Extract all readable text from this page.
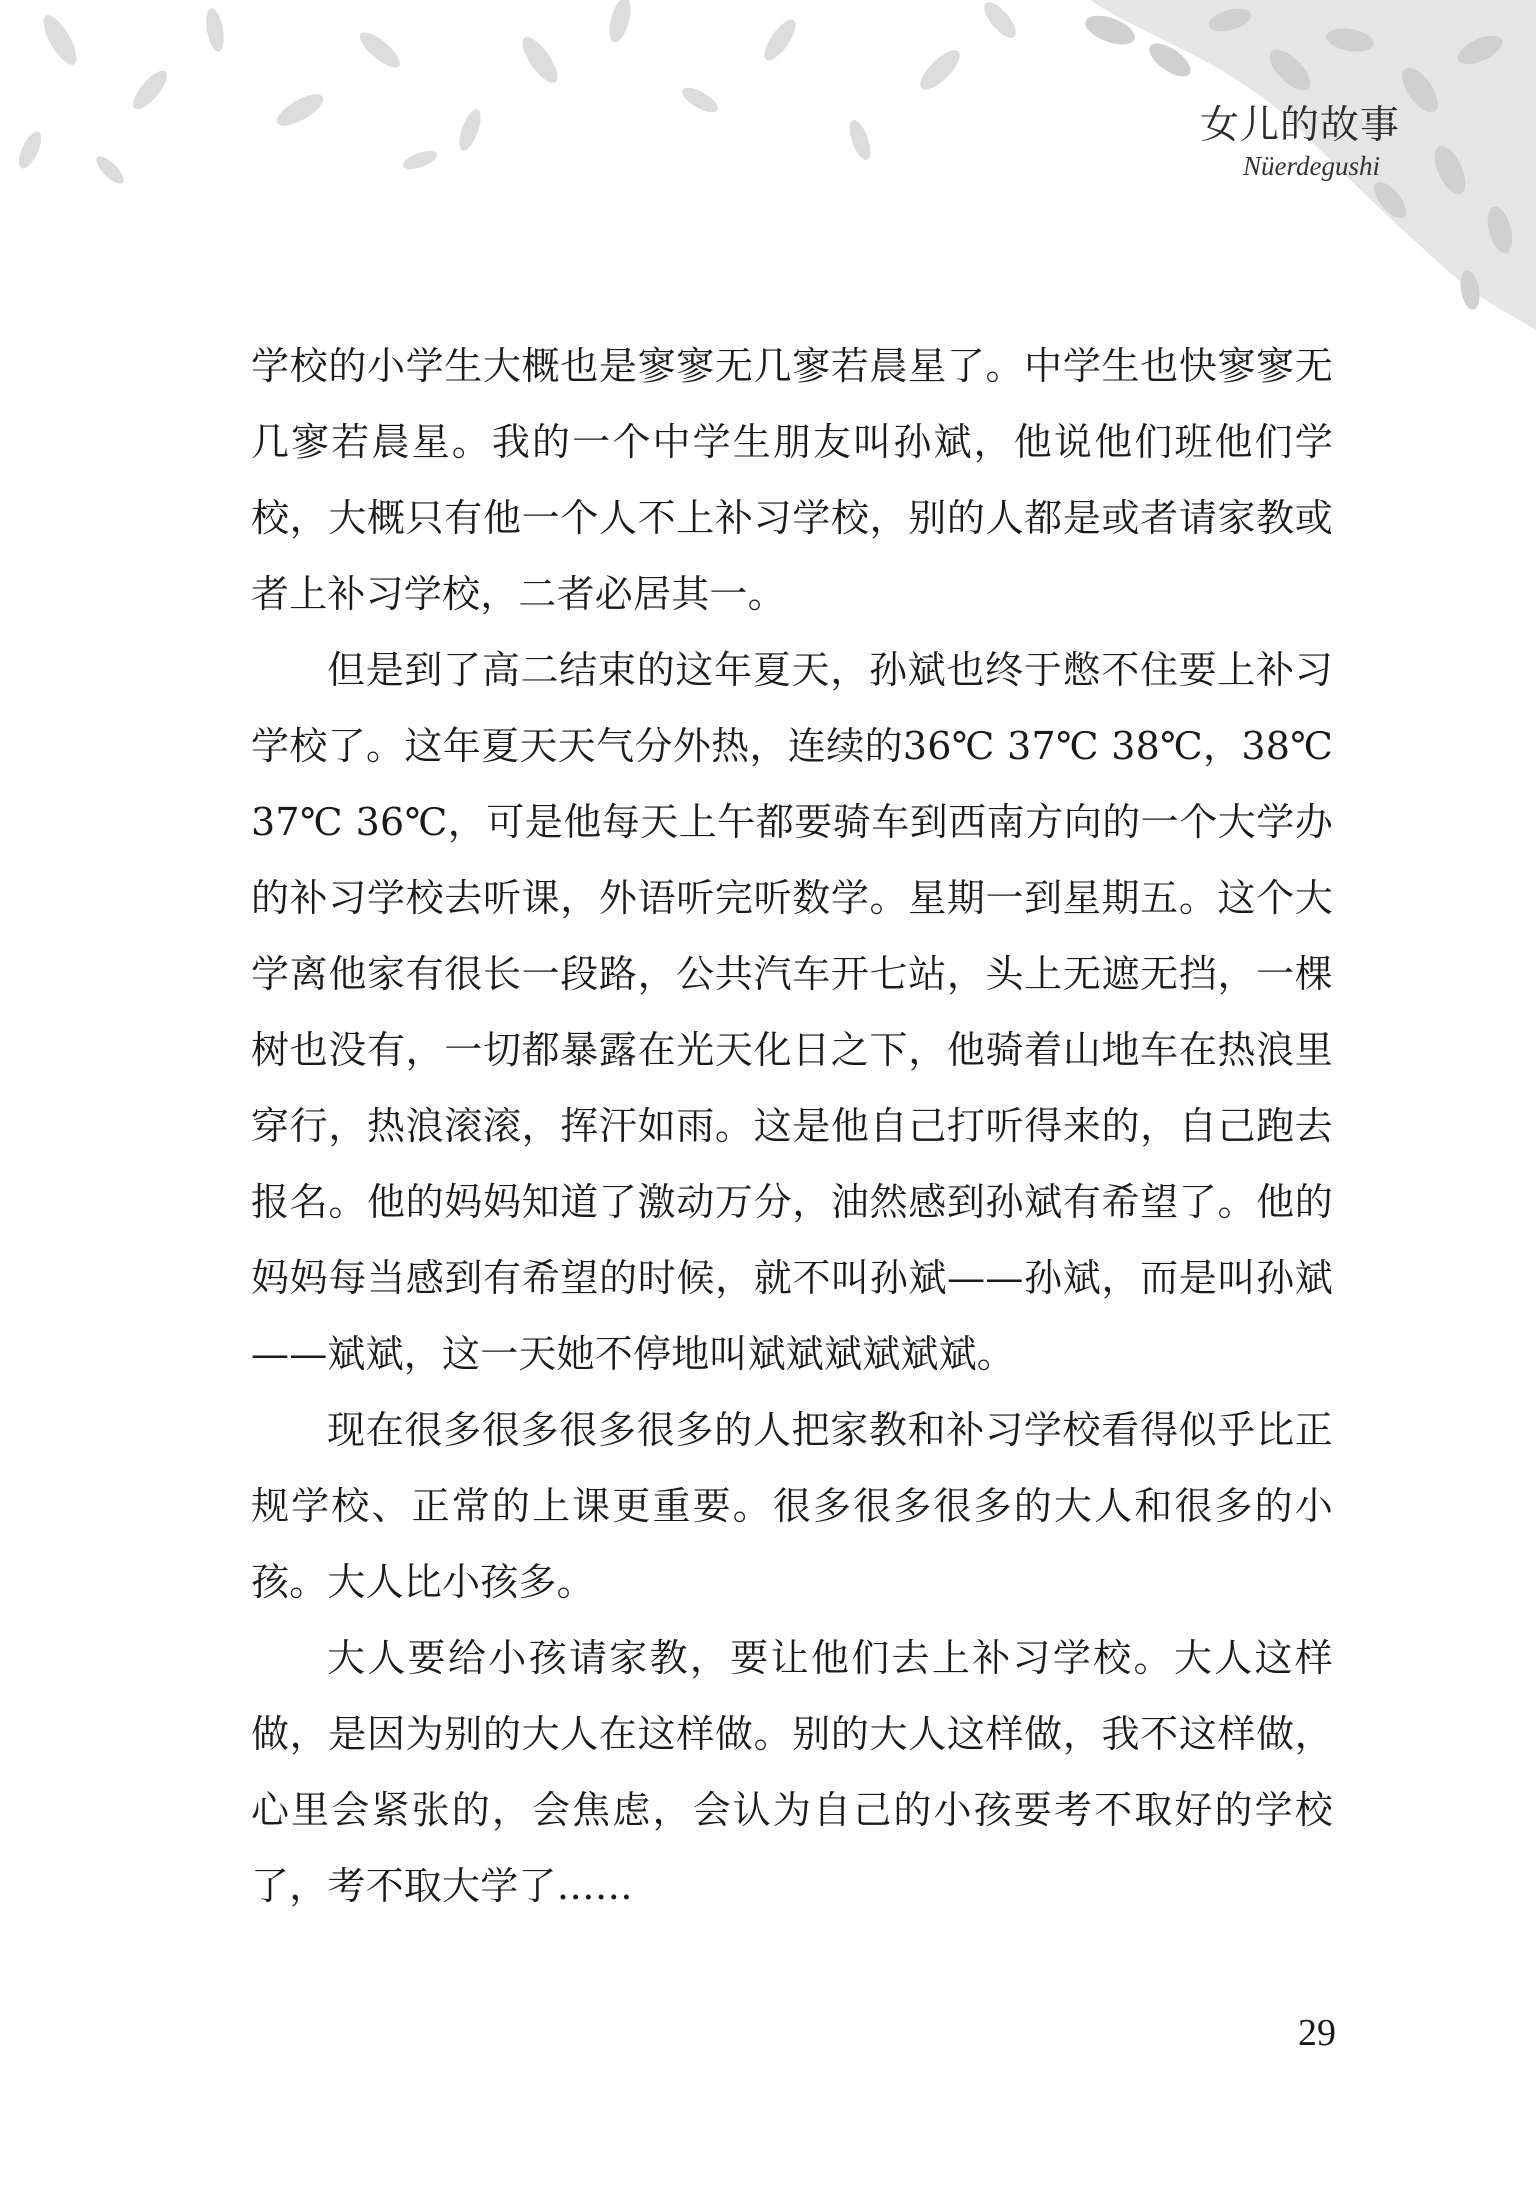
女儿的故事
Nüerdegushi

学校的小学生大概也是寥寥无几寥若晨星了。中学生也快寥寥无几寥若晨星。我的一个中学生朋友叫孙斌，他说他们班他们学校，大概只有他一个人不上补习学校，别的人都是或者请家教或者上补习学校，二者必居其一。

但是到了高二结束的这年夏天，孙斌也终于憋不住要上补习学校了。这年夏天天气分外热，连续的36℃ 37℃ 38℃，38℃ 37℃ 36℃，可是他每天上午都要骑车到西南方向的一个大学办的补习学校去听课，外语听完听数学。星期一到星期五。这个大学离他家有很长一段路，公共汽车开七站，头上无遮无挡，一棵树也没有，一切都暴露在光天化日之下，他骑着山地车在热浪里穿行，热浪滚滚，挥汗如雨。这是他自己打听得来的，自己跑去报名。他的妈妈知道了激动万分，油然感到孙斌有希望了。他的妈妈每当感到有希望的时候，就不叫孙斌——孙斌，而是叫孙斌——斌斌，这一天她不停地叫斌斌斌斌斌斌。

现在很多很多很多很多的人把家教和补习学校看得似乎比正规学校、正常的上课更重要。很多很多很多的大人和很多的小孩。大人比小孩多。

大人要给小孩请家教，要让他们去上补习学校。大人这样做，是因为别的大人在这样做。别的大人这样做，我不这样做，心里会紧张的，会焦虑，会认为自己的小孩要考不取好的学校了，考不取大学了……

29
